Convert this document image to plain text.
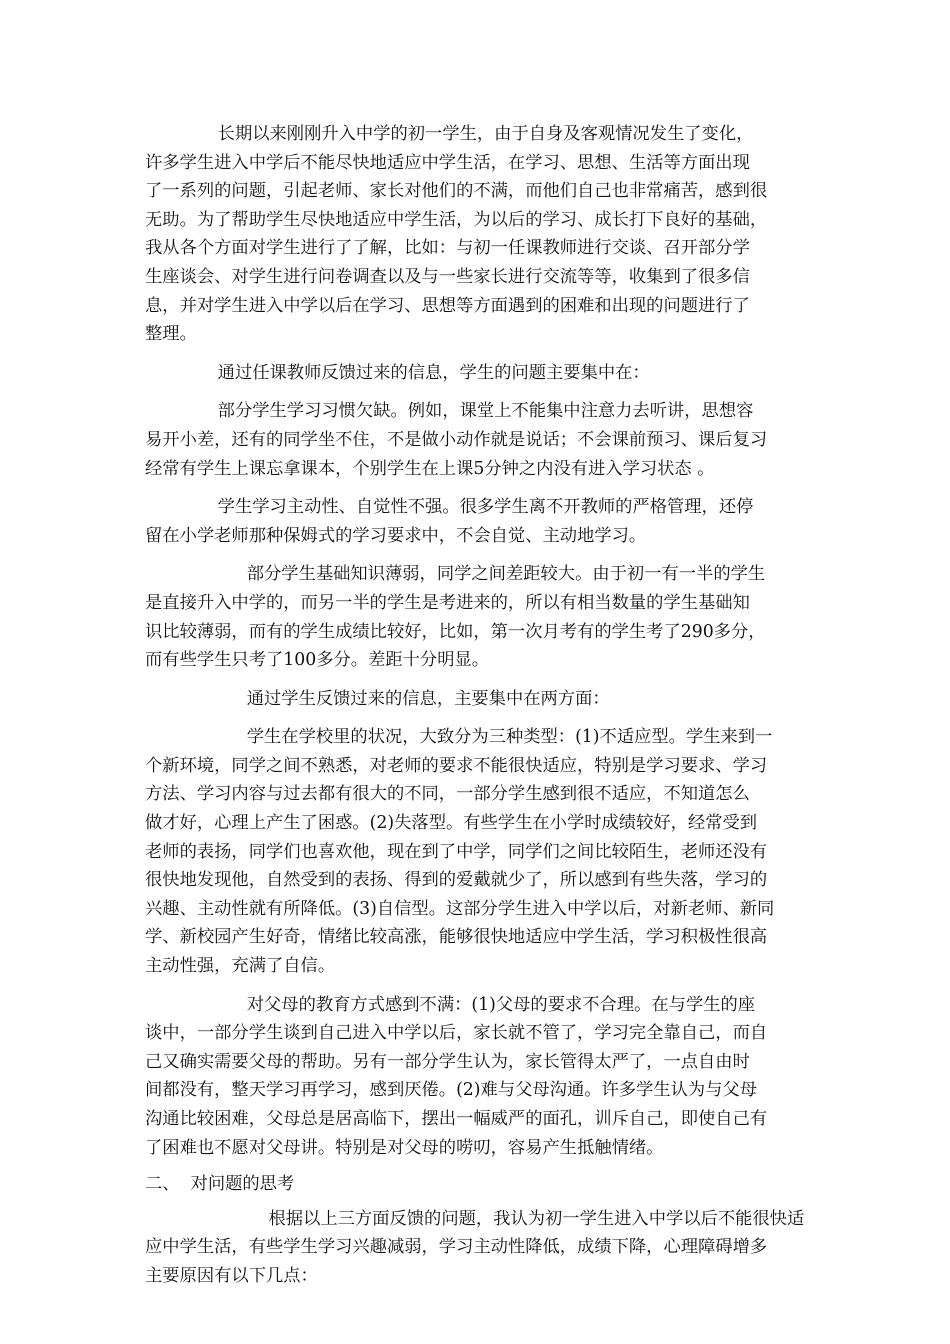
长期以来刚刚升入中学的初一学生，由于自身及客观情况发生了变化，
许多学生进入中学后不能尽快地适应中学生活，在学习、思想、生活等方面出现
了一系列的问题，引起老师、家长对他们的不满，而他们自己也非常痛苦，感到很
无助。为了帮助学生尽快地适应中学生活，为以后的学习、成长打下良好的基础，
我从各个方面对学生进行了了解，比如：与初一任课教师进行交谈、召开部分学
生座谈会、对学生进行问卷调查以及与一些家长进行交流等等，收集到了很多信
息，并对学生进入中学以后在学习、思想等方面遇到的困难和出现的问题进行了
整理。
通过任课教师反馈过来的信息，学生的问题主要集中在：
部分学生学习习惯欠缺。例如，课堂上不能集中注意力去听讲，思想容
易开小差，还有的同学坐不住，不是做小动作就是说话；不会课前预习、课后复习
经常有学生上课忘拿课本，个别学生在上课5分钟之内没有进入学习状态 。
学生学习主动性、自觉性不强。很多学生离不开教师的严格管理，还停
留在小学老师那种保姆式的学习要求中，不会自觉、主动地学习。
部分学生基础知识薄弱，同学之间差距较大。由于初一有一半的学生
是直接升入中学的，而另一半的学生是考进来的，所以有相当数量的学生基础知
识比较薄弱，而有的学生成绩比较好，比如，第一次月考有的学生考了290多分，
而有些学生只考了100多分。差距十分明显。
通过学生反馈过来的信息，主要集中在两方面：
学生在学校里的状况，大致分为三种类型：(1)不适应型。学生来到一
个新环境，同学之间不熟悉，对老师的要求不能很快适应，特别是学习要求、学习
方法、学习内容与过去都有很大的不同，一部分学生感到很不适应，不知道怎么
做才好，心理上产生了困惑。(2)失落型。有些学生在小学时成绩较好，经常受到
老师的表扬，同学们也喜欢他，现在到了中学，同学们之间比较陌生，老师还没有
很快地发现他，自然受到的表扬、得到的爱戴就少了，所以感到有些失落，学习的
兴趣、主动性就有所降低。(3)自信型。这部分学生进入中学以后，对新老师、新同
学、新校园产生好奇，情绪比较高涨，能够很快地适应中学生活，学习积极性很高
主动性强，充满了自信。
对父母的教育方式感到不满：(1)父母的要求不合理。在与学生的座
谈中，一部分学生谈到自己进入中学以后，家长就不管了，学习完全靠自己，而自
己又确实需要父母的帮助。另有一部分学生认为，家长管得太严了，一点自由时
间都没有，整天学习再学习，感到厌倦。(2)难与父母沟通。许多学生认为与父母
沟通比较困难，父母总是居高临下，摆出一幅威严的面孔，训斥自己，即使自己有
了困难也不愿对父母讲。特别是对父母的唠叨，容易产生抵触情绪。
二、  对问题的思考
根据以上三方面反馈的问题，我认为初一学生进入中学以后不能很快适
应中学生活，有些学生学习兴趣减弱，学习主动性降低，成绩下降，心理障碍增多
主要原因有以下几点：
